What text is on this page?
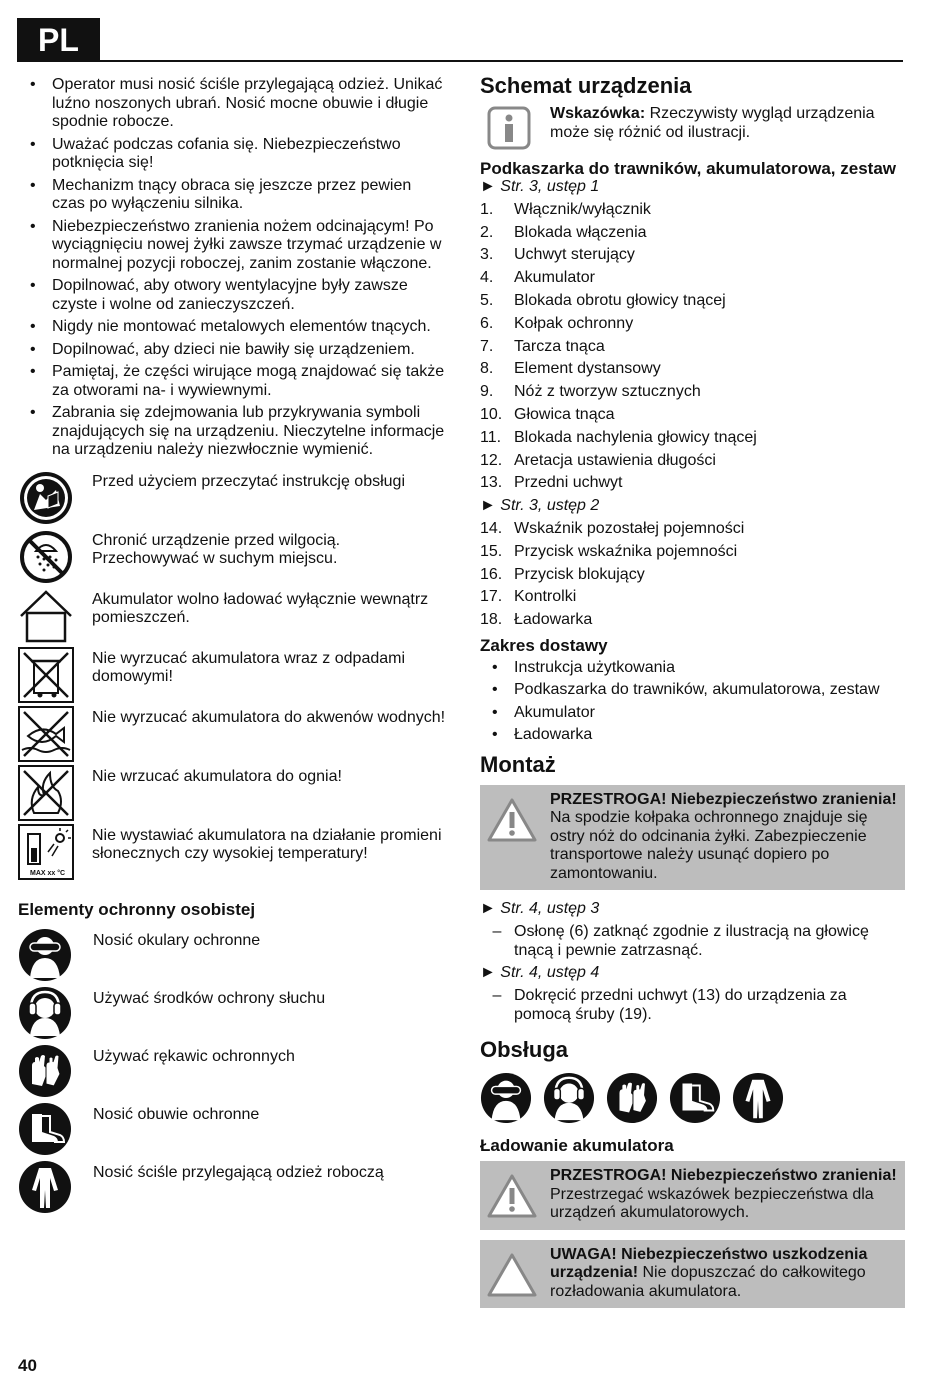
PL
• Operator musi nosić ściśle przylegającą odzież. Unikać luźno noszonych ubrań. Nosić mocne obuwie i długie spodnie robocze.
• Uważać podczas cofania się. Niebezpieczeństwo potknięcia się!
• Mechanizm tnący obraca się jeszcze przez pewien czas po wyłączeniu silnika.
• Niebezpieczeństwo zranienia nożem odcinającym! Po wyciągnięciu nowej żyłki zawsze trzymać urządzenie w normalnej pozycji roboczej, zanim zostanie włączone.
• Dopilnować, aby otwory wentylacyjne były zawsze czyste i wolne od zanieczyszczeń.
• Nigdy nie montować metalowych elementów tnących.
• Dopilnować, aby dzieci nie bawiły się urządzeniem.
• Pamiętaj, że części wirujące mogą znajdować się także za otworami na- i wywiewnymi.
• Zabrania się zdejmowania lub przykrywania symboli znajdujących się na urządzeniu. Nieczytelne informacje na urządzeniu należy niezwłocznie wymienić.
Przed użyciem przeczytać instrukcję obsługi
Chronić urządzenie przed wilgocią. Przechowywać w suchym miejscu.
Akumulator wolno ładować wyłącznie wewnątrz pomieszczeń.
Nie wyrzucać akumulatora wraz z odpadami domowymi!
Nie wyrzucać akumulatora do akwenów wodnych!
Nie wrzucać akumulatora do ognia!
MAX xx °C
Nie wystawiać akumulatora na działanie promieni słonecznych czy wysokiej temperatury!
Elementy ochronny osobistej
Nosić okulary ochronne
Używać środków ochrony słuchu
Używać rękawic ochronnych
Nosić obuwie ochronne
Nosić ściśle przylegającą odzież roboczą
Schemat urządzenia
Wskazówka: Rzeczywisty wygląd urządzenia może się różnić od ilustracji.
Podkaszarka do trawników, akumulatorowa, zestaw
► Str. 3, ustęp 1
1.	Włącznik/wyłącznik
2.	Blokada włączenia
3.	Uchwyt sterujący
4.	Akumulator
5.	Blokada obrotu głowicy tnącej
6.	Kołpak ochronny
7.	Tarcza tnąca
8.	Element dystansowy
9.	Nóż z tworzyw sztucznych
10. Głowica tnąca
11. Blokada nachylenia głowicy tnącej
12. Aretacja ustawienia długości
13. Przedni uchwyt
► Str. 3, ustęp 2
14. Wskaźnik pozostałej pojemności
15. Przycisk wskaźnika pojemności
16. Przycisk blokujący
17. Kontrolki
18. Ładowarka
Zakres dostawy
• Instrukcja użytkowania
• Podkaszarka do trawników, akumulatorowa, zestaw
• Akumulator
• Ładowarka
Montaż
PRZESTROGA! Niebezpieczeństwo zranienia! Na spodzie kołpaka ochronnego znajduje się ostry nóż do odcinania żyłki. Zabezpieczenie transportowe należy usunąć dopiero po zamontowaniu.
► Str. 4, ustęp 3
– Osłonę (6) zatknąć zgodnie z ilustracją na głowicę tnącą i pewnie zatrzasnąć.
► Str. 4, ustęp 4
– Dokręcić przedni uchwyt (13) do urządzenia za pomocą śruby (19).
Obsługa
Ładowanie akumulatora
PRZESTROGA! Niebezpieczeństwo zranienia! Przestrzegać wskazówek bezpieczeństwa dla urządzeń akumulatorowych.
UWAGA! Niebezpieczeństwo uszkodzenia urządzenia! Nie dopuszczać do całkowitego rozładowania akumulatora.
40
